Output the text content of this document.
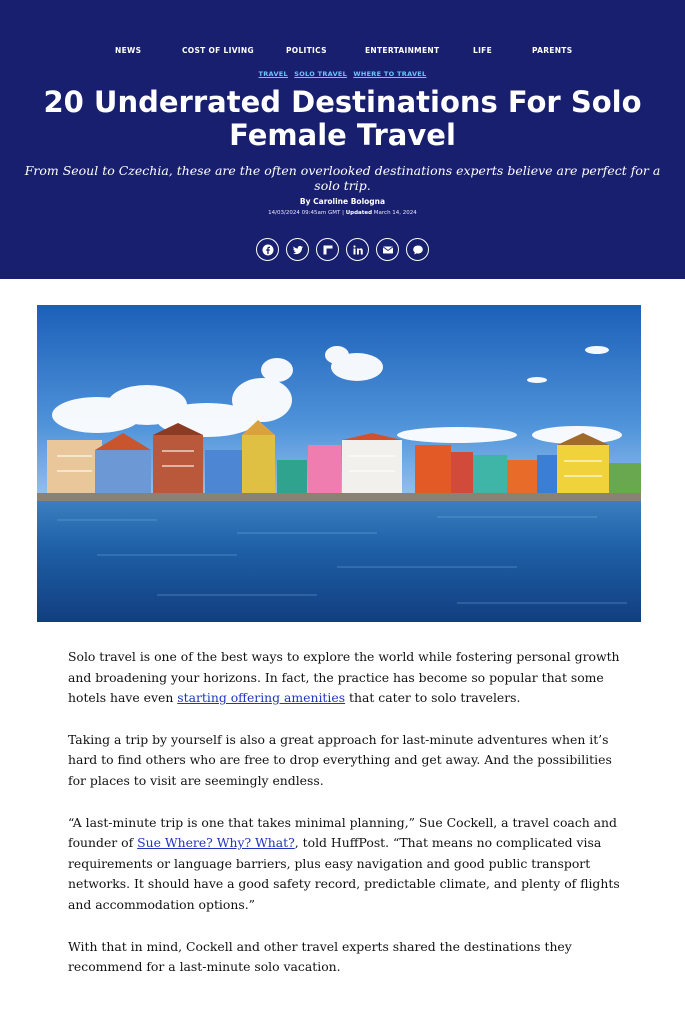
NEWS	COST OF LIVING	POLITICS	ENTERTAINMENT	LIFE	PARENTS
TRAVEL SOLO TRAVEL WHERE TO TRAVEL
20 Underrated Destinations For Solo
Female Travel

From Seoul to Czechia, these are the often overlooked destinations experts believe are perfect for a solo trip.

By Caroline Bologna
14/03/2024 09:45am GMT | Updated March 14, 2024

Solo travel is one of the best ways to explore the world while fostering personal growth and broadening your horizons. In fact, the practice has become so popular that some hotels have even starting offering amenities that cater to solo travelers.

Taking a trip by yourself is also a great approach for last-minute adventures when it’s hard to find others who are free to drop everything and get away. And the possibilities for places to visit are seemingly endless.

“A last-minute trip is one that takes minimal planning,” Sue Cockell, a travel coach and founder of Sue Where? Why? What?, told HuffPost. “That means no complicated visa requirements or language barriers, plus easy navigation and good public transport networks. It should have a good safety record, predictable climate, and plenty of flights and accommodation options.”

With that in mind, Cockell and other travel experts shared the destinations they recommend for a last-minute solo vacation.
